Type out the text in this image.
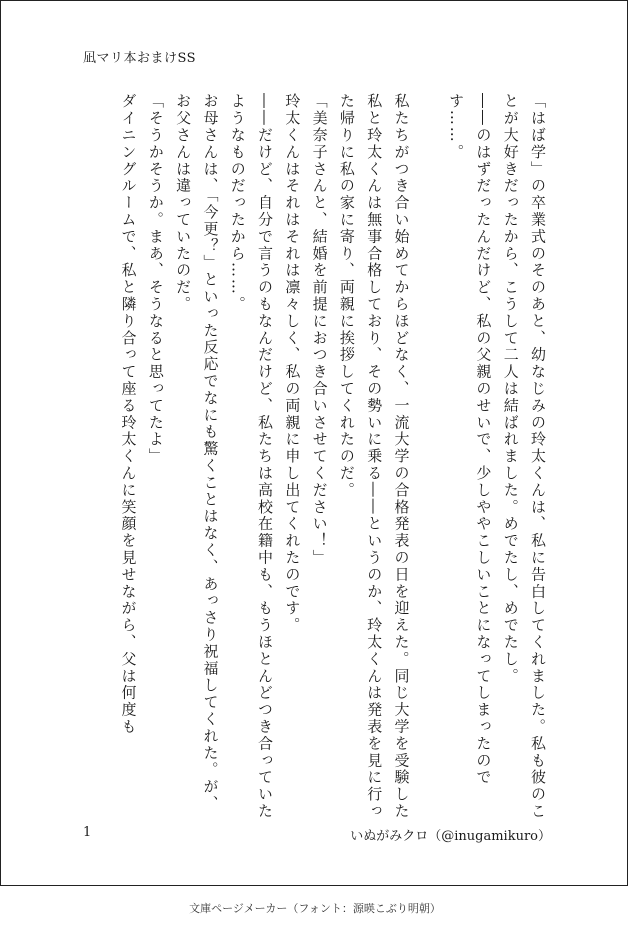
凪マリ本おまけSS

「はば学」の卒業式のそのあと、幼なじみの玲太くんは、私に告白してくれました。私も彼のことが大好きだったから、こうして二人は結ばれました。めでたし、めでたし。

――のはずだったんだけど、私の父親のせいで、少しややこしいことになってしまったのです……。

私たちがつき合い始めてからほどなく、一流大学の合格発表の日を迎えた。同じ大学を受験した私と玲太くんは無事合格しており、その勢いに乗る――というのか、玲太くんは発表を見に行った帰りに私の家に寄り、両親に挨拶してくれたのだ。

「美奈子さんと、結婚を前提におつき合いさせてください！」

玲太くんはそれはそれは凛々しく、私の両親に申し出てくれたのです。

――だけど、自分で言うのもなんだけど、私たちは高校在籍中も、もうほとんどつき合っていたようなものだったから……。

お母さんは、「今更？」といった反応でなにも驚くことはなく、あっさり祝福してくれた。が、お父さんは違っていたのだ。

「そうかそうか。まあ、そうなると思ってたよ」

ダイニングルームで、私と隣り合って座る玲太くんに笑顔を見せながら、父は何度も

1	いぬがみクロ（@inugamikuro）
文庫ページメーカー（フォント：源暎こぶり明朝）
